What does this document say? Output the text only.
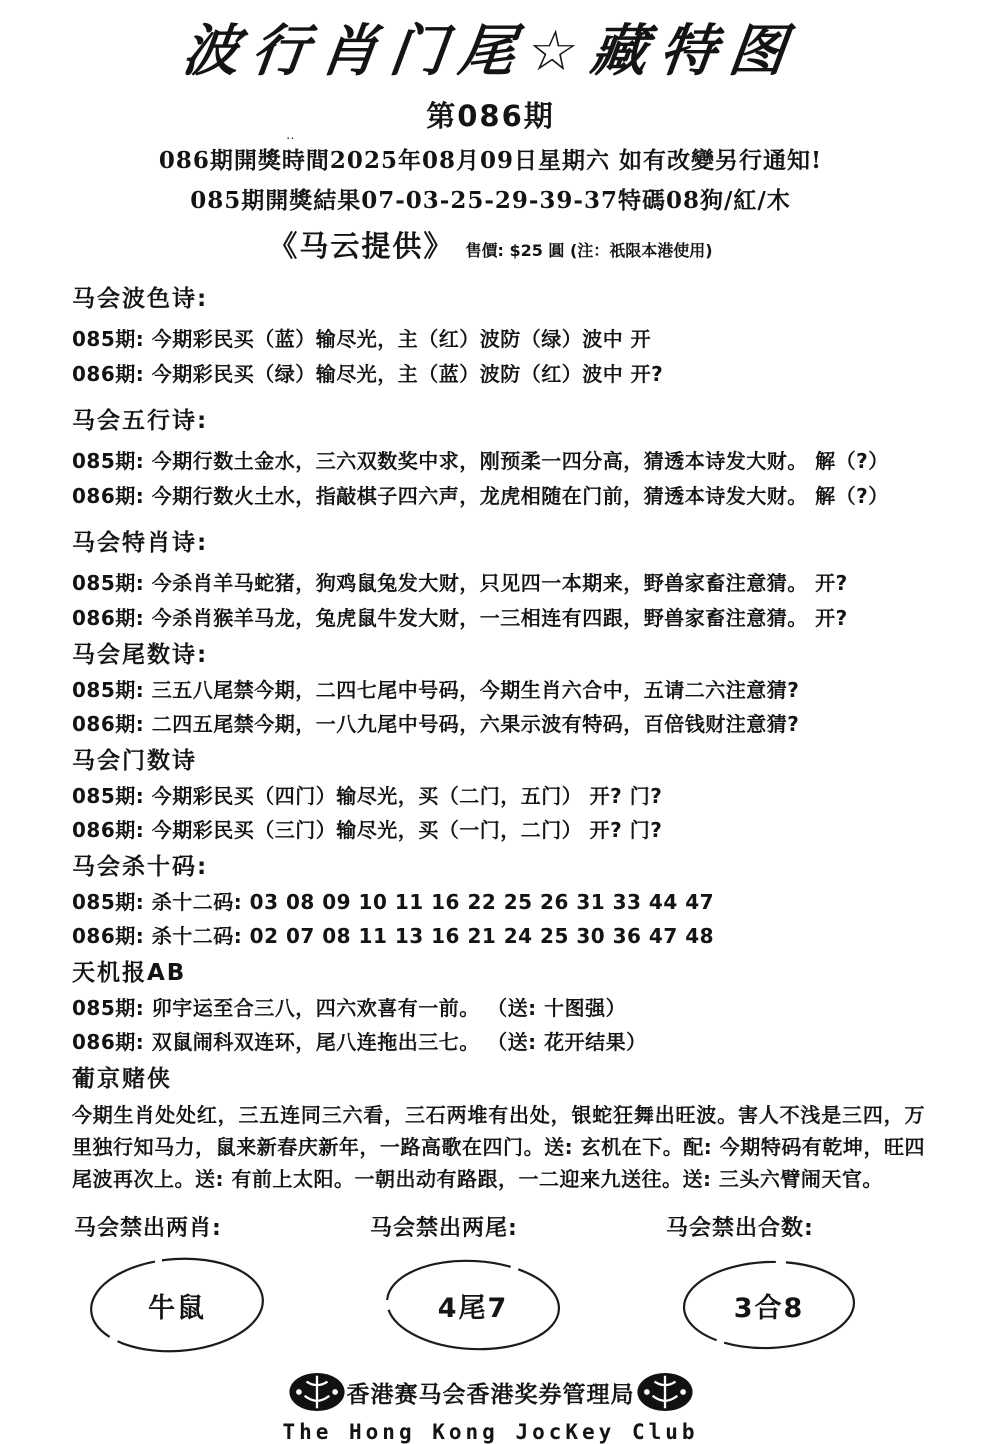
波行肖门尾☆藏特图
第086期
‥
086期開獎時間2025年08月09日星期六 如有改變另行通知!
085期開獎結果07-03-25-29-39-37特碼08狗/紅/木
《马云提供》 售價: $25 圓 (注：祇限本港使用)
马会波色诗:
085期: 今期彩民买（蓝）输尽光，主（红）波防（绿）波中 开
086期: 今期彩民买（绿）输尽光，主（蓝）波防（红）波中 开?
马会五行诗:
085期: 今期行数土金水，三六双数奖中求，刚预柔一四分高，猜透本诗发大财。 解（?）
086期: 今期行数火土水，指敲棋子四六声，龙虎相随在门前，猜透本诗发大财。 解（?）
马会特肖诗:
085期: 今杀肖羊马蛇猪，狗鸡鼠兔发大财，只见四一本期来，野兽家畜注意猜。 开?
086期: 今杀肖猴羊马龙，兔虎鼠牛发大财，一三相连有四跟，野兽家畜注意猜。 开?
马会尾数诗:
085期: 三五八尾禁今期，二四七尾中号码，今期生肖六合中，五请二六注意猜?
086期: 二四五尾禁今期，一八九尾中号码，六果示波有特码，百倍钱财注意猜?
马会门数诗
085期: 今期彩民买（四门）输尽光，买（二门，五门） 开? 门?
086期: 今期彩民买（三门）输尽光，买（一门，二门） 开? 门?
马会杀十码:
085期: 杀十二码: 03 08 09 10 11 16 22 25 26 31 33 44 47
086期: 杀十二码: 02 07 08 11 13 16 21 24 25 30 36 47 48
天机报AB
085期: 卯宇运至合三八，四六欢喜有一前。 （送: 十图强）
086期: 双鼠闹科双连环，尾八连拖出三七。 （送: 花开结果）
葡京赌侠
今期生肖处处红，三五连同三六看，三石两堆有出处，银蛇狂舞出旺波。害人不浅是三四，万里独行知马力，鼠来新春庆新年，一路高歌在四门。送: 玄机在下。配: 今期特码有乾坤，旺四尾波再次上。送: 有前上太阳。一朝出动有路跟，一二迎来九送往。送: 三头六臂闹天官。
马会禁出两肖:
牛鼠
马会禁出两尾:
4尾7
马会禁出合数:
3合8
香港赛马会香港奖券管理局
The Hong Kong JocKey Club
